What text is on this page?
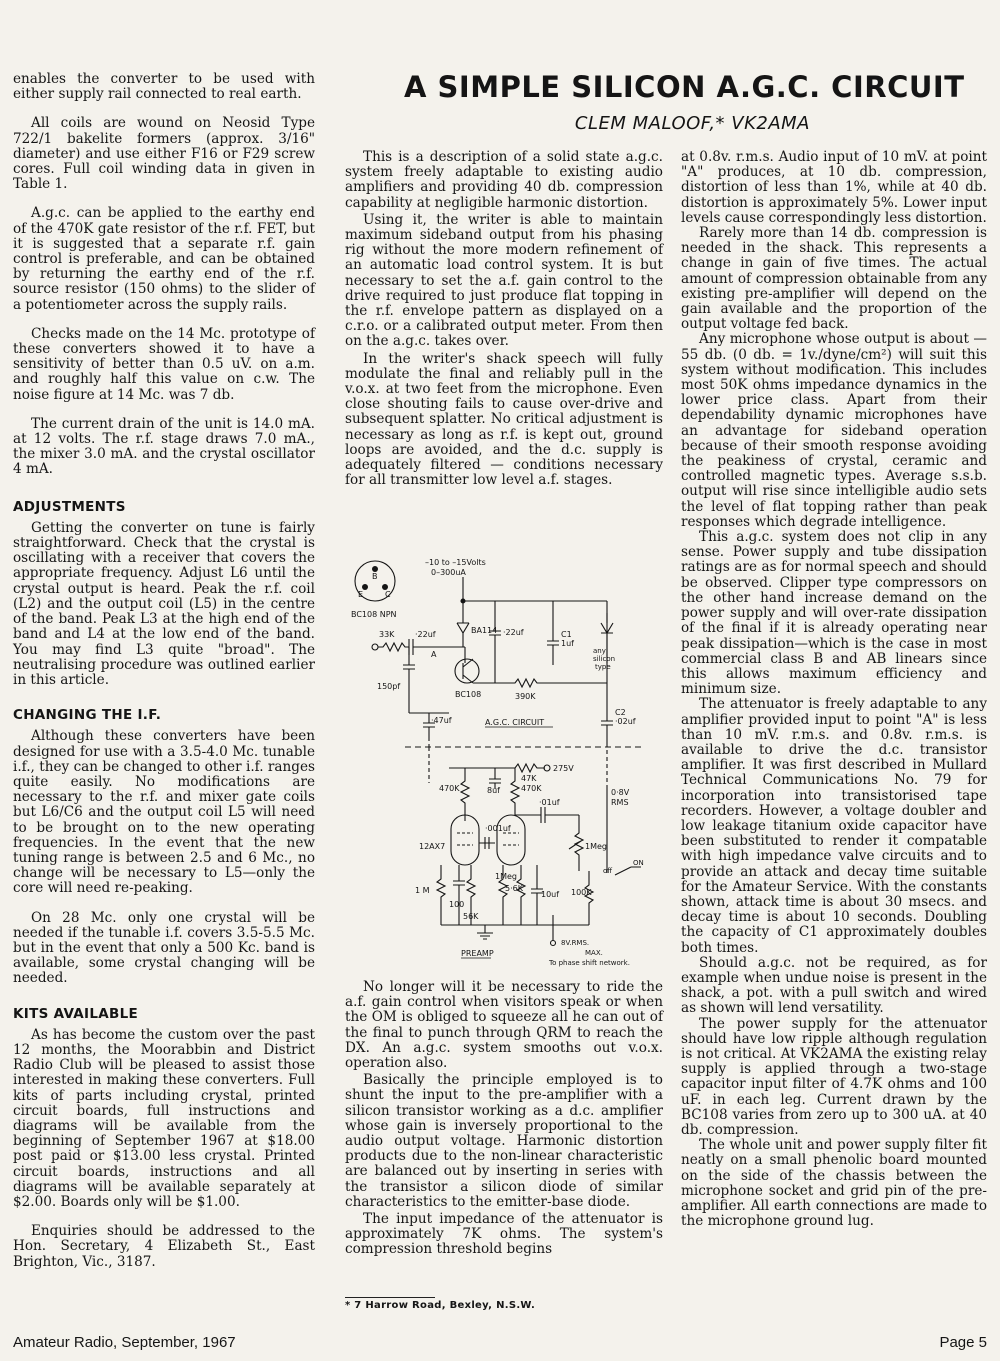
enables the converter to be used with either supply rail connected to real earth.

All coils are wound on Neosid Type 722/1 bakelite formers (approx. 3/16" diameter) and use either F16 or F29 screw cores. Full coil winding data in given in Table 1.

A.g.c. can be applied to the earthy end of the 470K gate resistor of the r.f. FET, but it is suggested that a separate r.f. gain control is preferable, and can be obtained by returning the earthy end of the r.f. source resistor (150 ohms) to the slider of a potentiometer across the supply rails.

Checks made on the 14 Mc. prototype of these converters showed it to have a sensitivity of better than 0.5 uV. on a.m. and roughly half this value on c.w. The noise figure at 14 Mc. was 7 db.

The current drain of the unit is 14.0 mA. at 12 volts. The r.f. stage draws 7.0 mA., the mixer 3.0 mA. and the crystal oscillator 4 mA.

ADJUSTMENTS

Getting the converter on tune is fairly straightforward. Check that the crystal is oscillating with a receiver that covers the appropriate frequency. Adjust L6 until the crystal output is heard. Peak the r.f. coil (L2) and the output coil (L5) in the centre of the band. Peak L3 at the high end of the band and L4 at the low end of the band. You may find L3 quite "broad". The neutralising procedure was outlined earlier in this article.

CHANGING THE I.F.

Although these converters have been designed for use with a 3.5-4.0 Mc. tunable i.f., they can be changed to other i.f. ranges quite easily. No modifications are necessary to the r.f. and mixer gate coils but L6/C6 and the output coil L5 will need to be brought on to the new operating frequencies. In the event that the new tuning range is between 2.5 and 6 Mc., no change will be necessary to L5—only the core will need re-peaking.

On 28 Mc. only one crystal will be needed if the tunable i.f. covers 3.5-5.5 Mc. but in the event that only a 500 Kc. band is available, some crystal changing will be needed.

KITS AVAILABLE

As has become the custom over the past 12 months, the Moorabbin and District Radio Club will be pleased to assist those interested in making these converters. Full kits of parts including crystal, printed circuit boards, full instructions and diagrams will be available from the beginning of September 1967 at $18.00 post paid or $13.00 less crystal. Printed circuit boards, instructions and all diagrams will be available separately at $2.00. Boards only will be $1.00.

Enquiries should be addressed to the Hon. Secretary, 4 Elizabeth St., East Brighton, Vic., 3187.

A SIMPLE SILICON A.G.C. CIRCUIT
CLEM MALOOF,* VK2AMA

This is a description of a solid state a.g.c. system freely adaptable to existing audio amplifiers and providing 40 db. compression capability at negligible harmonic distortion.

Using it, the writer is able to maintain maximum sideband output from his phasing rig without the more modern refinement of an automatic load control system. It is but necessary to set the a.f. gain control to the drive required to just produce flat topping in the r.f. envelope pattern as displayed on a c.r.o. or a calibrated output meter. From then on the a.g.c. takes over.

In the writer's shack speech will fully modulate the final and reliably pull in the v.o.x. at two feet from the microphone. Even close shouting fails to cause over-drive and subsequent splatter. No critical adjustment is necessary as long as r.f. is kept out, ground loops are avoided, and the d.c. supply is adequately filtered — conditions necessary for all transmitter low level a.f. stages.

B
E	C
BC108 NPN
–10 to –15Volts
0–300uA
33K	·22uf
A
150pf
BA114
BC108
·22uf	C1
1uf
any
silicon
type
390K
·47uf
C2
·02uf
A.G.C. CIRCUIT
275V
47K
8uf
470K	470K
·01uf
0·8V
RMS
12AX7
·001uf
1Meg
off
ON
100K
1 M
100
56K
1Meg
5·6K
10uf
8V.RMS.
MAX.
PREAMP
To phase shift network.

No longer will it be necessary to ride the a.f. gain control when visitors speak or when the OM is obliged to squeeze all he can out of the final to punch through QRM to reach the DX. An a.g.c. system smooths out v.o.x. operation also.

Basically the principle employed is to shunt the input to the pre-amplifier with a silicon transistor working as a d.c. amplifier whose gain is inversely proportional to the audio output voltage. Harmonic distortion products due to the non-linear characteristic are balanced out by inserting in series with the transistor a silicon diode of similar characteristics to the emitter-base diode.

The input impedance of the attenuator is approximately 7K ohms. The system's compression threshold begins

* 7 Harrow Road, Bexley, N.S.W.

at 0.8v. r.m.s. Audio input of 10 mV. at point "A" produces, at 10 db. compression, distortion of less than 1%, while at 40 db. distortion is approximately 5%. Lower input levels cause correspondingly less distortion.

Rarely more than 14 db. compression is needed in the shack. This represents a change in gain of five times. The actual amount of compression obtainable from any existing pre-amplifier will depend on the gain available and the proportion of the output voltage fed back.

Any microphone whose output is about —55 db. (0 db. = 1v./dyne/cm²) will suit this system without modification. This includes most 50K ohms impedance dynamics in the lower price class. Apart from their dependability dynamic microphones have an advantage for sideband operation because of their smooth response avoiding the peakiness of crystal, ceramic and controlled magnetic types. Average s.s.b. output will rise since intelligible audio sets the level of flat topping rather than peak responses which degrade intelligence.

This a.g.c. system does not clip in any sense. Power supply and tube dissipation ratings are as for normal speech and should be observed. Clipper type compressors on the other hand increase demand on the power supply and will over-rate dissipation of the final if it is already operating near peak dissipation—which is the case in most commercial class B and AB linears since this allows maximum efficiency and minimum size.

The attenuator is freely adaptable to any amplifier provided input to point "A" is less than 10 mV. r.m.s. and 0.8v. r.m.s. is available to drive the d.c. transistor amplifier. It was first described in Mullard Technical Communications No. 79 for incorporation into transistorised tape recorders. However, a voltage doubler and low leakage titanium oxide capacitor have been substituted to render it compatable with high impedance valve circuits and to provide an attack and decay time suitable for the Amateur Service. With the constants shown, attack time is about 30 msecs. and decay time is about 10 seconds. Doubling the capacity of C1 approximately doubles both times.

Should a.g.c. not be required, as for example when undue noise is present in the shack, a pot. with a pull switch and wired as shown will lend versatility.

The power supply for the attenuator should have low ripple although regulation is not critical. At VK2AMA the existing relay supply is applied through a two-stage capacitor input filter of 4.7K ohms and 100 uF. in each leg. Current drawn by the BC108 varies from zero up to 300 uA. at 40 db. compression.

The whole unit and power supply filter fit neatly on a small phenolic board mounted on the side of the chassis between the microphone socket and grid pin of the pre-amplifier. All earth connections are made to the microphone ground lug.

Amateur Radio, September, 1967	Page 5
